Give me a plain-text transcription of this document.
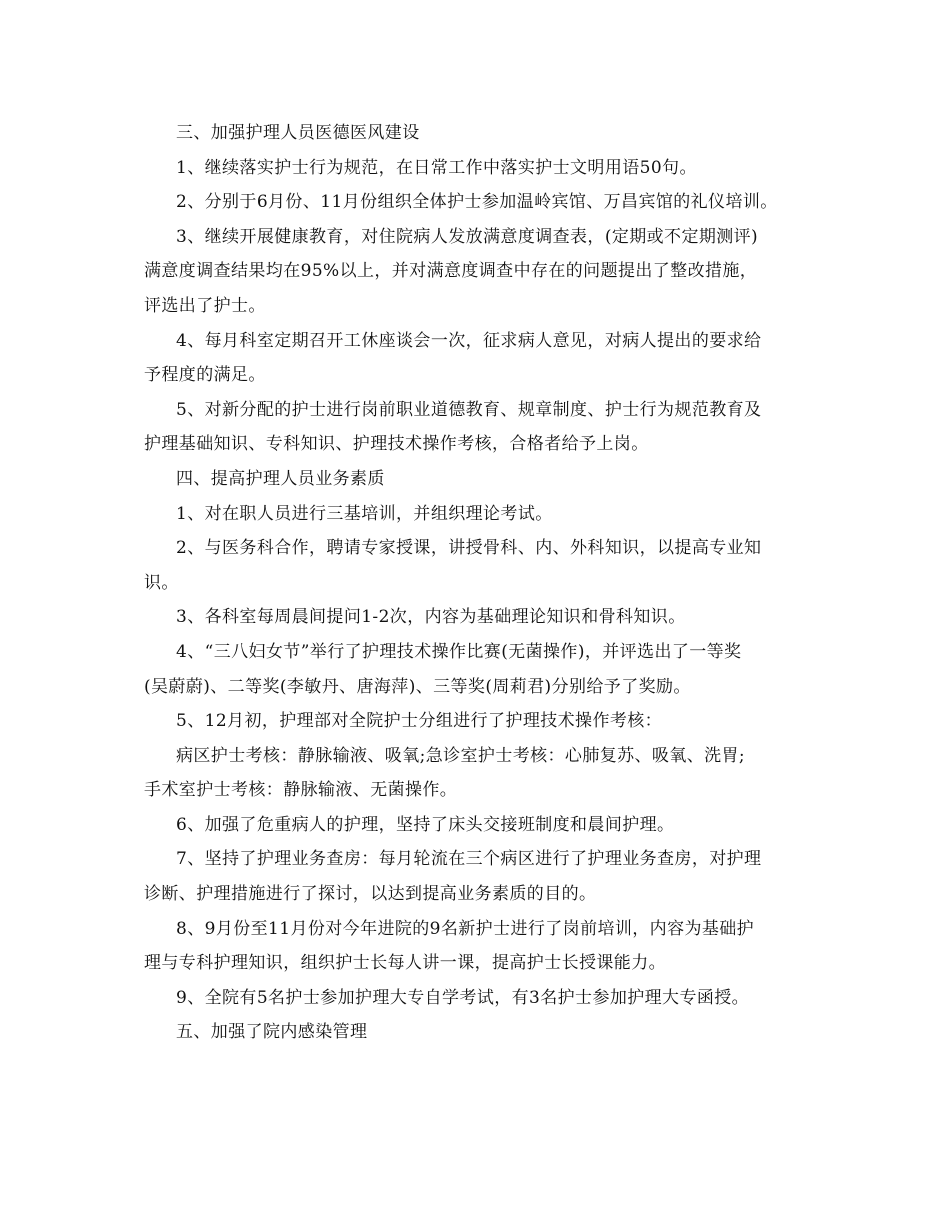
三、加强护理人员医德医风建设
1、继续落实护士行为规范，在日常工作中落实护士文明用语50句。
2、分别于6月份、11月份组织全体护士参加温岭宾馆、万昌宾馆的礼仪培训。
3、继续开展健康教育，对住院病人发放满意度调查表，(定期或不定期测评)
满意度调查结果均在95%以上，并对满意度调查中存在的问题提出了整改措施，
评选出了护士。
4、每月科室定期召开工休座谈会一次，征求病人意见，对病人提出的要求给
予程度的满足。
5、对新分配的护士进行岗前职业道德教育、规章制度、护士行为规范教育及
护理基础知识、专科知识、护理技术操作考核，合格者给予上岗。
四、提高护理人员业务素质
1、对在职人员进行三基培训，并组织理论考试。
2、与医务科合作，聘请专家授课，讲授骨科、内、外科知识，以提高专业知
识。
3、各科室每周晨间提问1-2次，内容为基础理论知识和骨科知识。
4、“三八妇女节”举行了护理技术操作比赛(无菌操作)，并评选出了一等奖
(吴蔚蔚)、二等奖(李敏丹、唐海萍)、三等奖(周莉君)分别给予了奖励。
5、12月初，护理部对全院护士分组进行了护理技术操作考核：
病区护士考核：静脉输液、吸氧;急诊室护士考核：心肺复苏、吸氧、洗胃;
手术室护士考核：静脉输液、无菌操作。
6、加强了危重病人的护理，坚持了床头交接班制度和晨间护理。
7、坚持了护理业务查房：每月轮流在三个病区进行了护理业务查房，对护理
诊断、护理措施进行了探讨，以达到提高业务素质的目的。
8、9月份至11月份对今年进院的9名新护士进行了岗前培训，内容为基础护
理与专科护理知识，组织护士长每人讲一课，提高护士长授课能力。
9、全院有5名护士参加护理大专自学考试，有3名护士参加护理大专函授。
五、加强了院内感染管理
